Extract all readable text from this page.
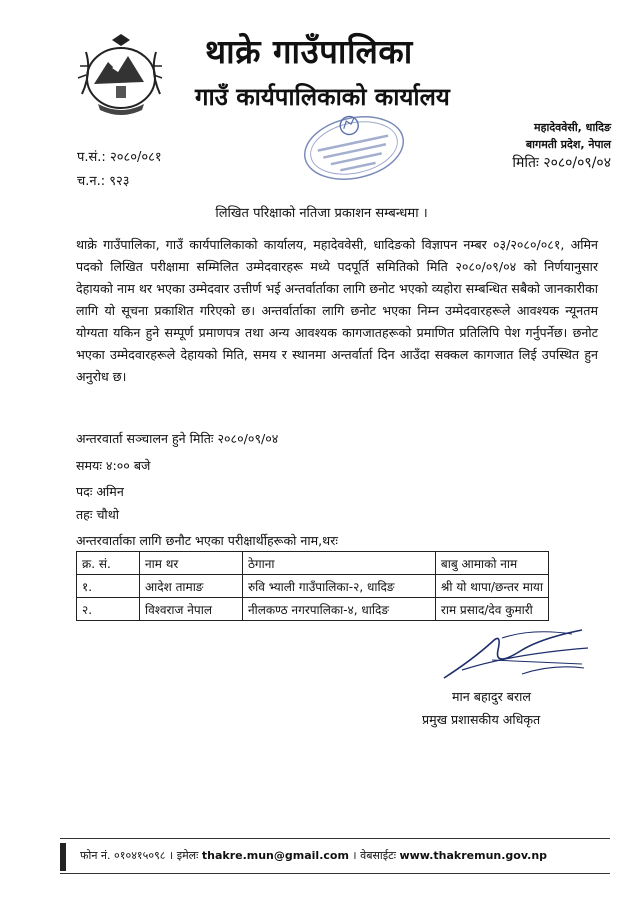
थाक्रे गाउँपालिका
गाउँ कार्यपालिकाको कार्यालय
महादेववेसी, धादिङ
बागमती प्रदेश, नेपाल
मितिः २०८०/०९/०४
प.सं.: २०८०/०८१
च.न.: ९२३
लिखित परिक्षाको नतिजा प्रकाशन सम्बन्धमा ।

थाक्रे गाउँपालिका, गाउँ कार्यपालिकाको कार्यालय, महादेववेसी, धादिङको विज्ञापन नम्बर ०३/२०८०/०८१, अमिन पदको लिखित परीक्षामा सम्मिलित उम्मेदवारहरू मध्ये पदपूर्ति समितिको मिति २०८०/०९/०४ को निर्णयानुसार देहायको नाम थर भएका उम्मेदवार उत्तीर्ण भई अन्तर्वार्ताका लागि छनोट भएको व्यहोरा सम्बन्धित सबैको जानकारीका लागि यो सूचना प्रकाशित गरिएको छ। अन्तर्वार्ताका लागि छनोट भएका निम्न उम्मेदवारहरूले आवश्यक न्यूनतम योग्यता यकिन हुने सम्पूर्ण प्रमाणपत्र तथा अन्य आवश्यक कागजातहरूको प्रमाणित प्रतिलिपि पेश गर्नुपर्नेछ। छनोट भएका उम्मेदवारहरूले देहायको मिति, समय र स्थानमा अन्तर्वार्ता दिन आउँदा सक्कल कागजात लिई उपस्थित हुन अनुरोध छ।

अन्तरवार्ता सञ्चालन हुने मितिः २०८०/०९/०४
समयः ४:०० बजे
पदः अमिन
तहः चौथो
अन्तरवार्ताका लागि छनौट भएका परीक्षार्थीहरूको नाम,थरः
क्र. सं.	नाम थर	ठेगाना	बाबु आमाको नाम
१.	आदेश तामाङ	रुवि भ्याली गाउँपालिका-२, धादिङ	श्री यो थापा/छन्तर माया
२.	विश्वराज नेपाल	नीलकण्ठ नगरपालिका-४, धादिङ	राम प्रसाद/देव कुमारी
मान बहादुर बराल
प्रमुख प्रशासकीय अधिकृत
फोन नं. ०१०४१५०९८ । इमेलः thakre.mun@gmail.com । वेबसाईटः www.thakremun.gov.np
